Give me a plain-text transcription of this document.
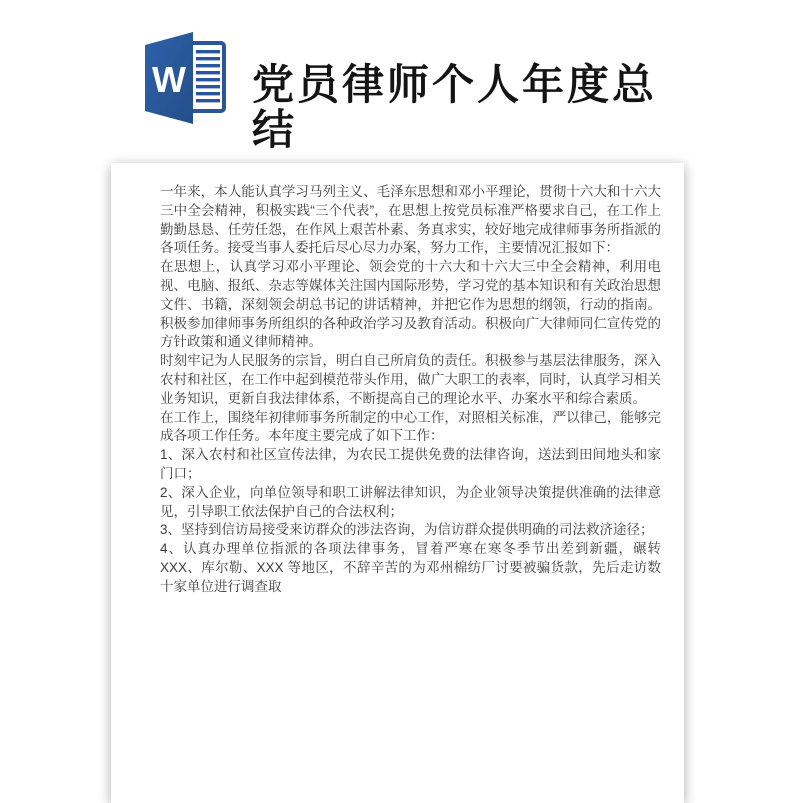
W 党员律师个人年度总结

一年来，本人能认真学习马列主义、毛泽东思想和邓小平理论，贯彻十六大和十六大三中全会精神，积极实践“三个代表”，在思想上按党员标准严格要求自己，在工作上勤勤恳恳、任劳任怨，在作风上艰苦朴素、务真求实，较好地完成律师事务所指派的各项任务。接受当事人委托后尽心尽力办案，努力工作，主要情况汇报如下：

在思想上，认真学习邓小平理论、领会党的十六大和十六大三中全会精神，利用电视、电脑、报纸、杂志等媒体关注国内国际形势，学习党的基本知识和有关政治思想文件、书籍，深刻领会胡总书记的讲话精神，并把它作为思想的纲领，行动的指南。积极参加律师事务所组织的各种政治学习及教育活动。积极向广大律师同仁宣传党的方针政策和通义律师精神。

时刻牢记为人民服务的宗旨，明白自己所肩负的责任。积极参与基层法律服务，深入农村和社区，在工作中起到模范带头作用，做广大职工的表率，同时，认真学习相关业务知识，更新自我法律体系，不断提高自己的理论水平、办案水平和综合素质。

在工作上，围绕年初律师事务所制定的中心工作，对照相关标准，严以律己，能够完成各项工作任务。本年度主要完成了如下工作：

1、深入农村和社区宣传法律，为农民工提供免费的法律咨询，送法到田间地头和家门口；

2、深入企业，向单位领导和职工讲解法律知识，为企业领导决策提供准确的法律意见，引导职工依法保护自己的合法权利；

3、坚持到信访局接受来访群众的涉法咨询，为信访群众提供明确的司法救济途径；

4、认真办理单位指派的各项法律事务，冒着严寒在寒冬季节出差到新疆，碾转 XXX、库尔勒、XXX 等地区，不辞辛苦的为邓州棉纺厂讨要被骗货款，先后走访数十家单位进行调查取
